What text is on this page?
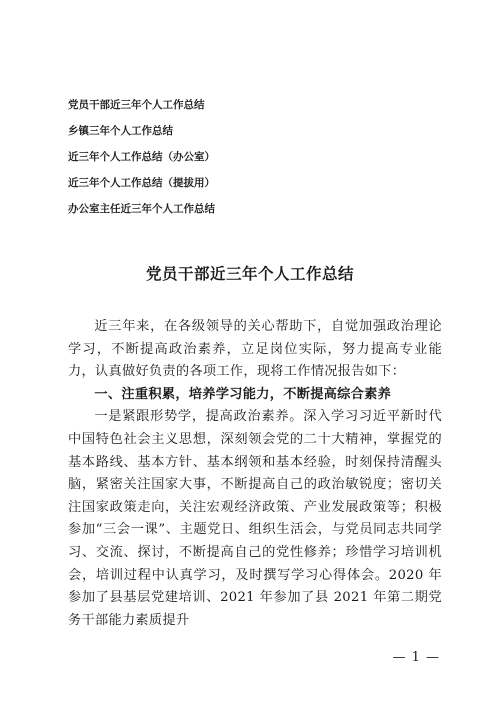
党员干部近三年个人工作总结
乡镇三年个人工作总结
近三年个人工作总结（办公室）
近三年个人工作总结（提拔用）
办公室主任近三年个人工作总结
党员干部近三年个人工作总结

近三年来，在各级领导的关心帮助下，自觉加强政治理论学习，不断提高政治素养，立足岗位实际，努力提高专业能力，认真做好负责的各项工作，现将工作情况报告如下：

一、注重积累，培养学习能力，不断提高综合素养

一是紧跟形势学，提高政治素养。深入学习习近平新时代中国特色社会主义思想，深刻领会党的二十大精神，掌握党的基本路线、基本方针、基本纲领和基本经验，时刻保持清醒头脑，紧密关注国家大事，不断提高自己的政治敏锐度；密切关注国家政策走向，关注宏观经济政策、产业发展政策等；积极参加“三会一课”、主题党日、组织生活会，与党员同志共同学习、交流、探讨，不断提高自己的党性修养；珍惜学习培训机会，培训过程中认真学习，及时撰写学习心得体会。2020 年参加了县基层党建培训、2021 年参加了县 2021 年第二期党务干部能力素质提升

— 1 —
